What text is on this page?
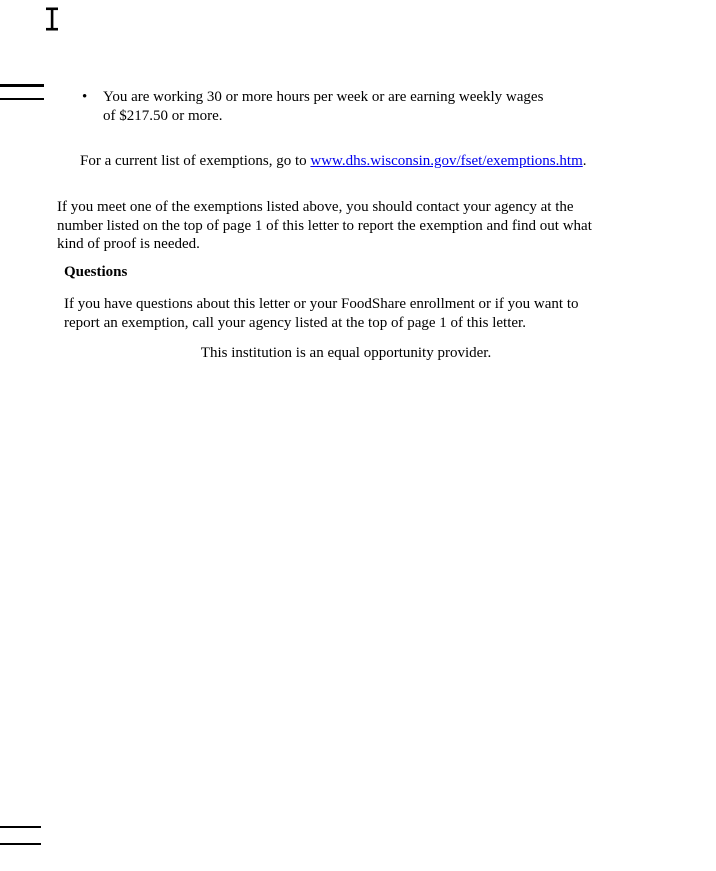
•	You are working 30 or more hours per week or are earning weekly wages
of $217.50 or more.
For a current list of exemptions, go to www.dhs.wisconsin.gov/fset/exemptions.htm.
If you meet one of the exemptions listed above, you should contact your agency at the
number listed on the top of page 1 of this letter to report the exemption and find out what
kind of proof is needed.
Questions
If you have questions about this letter or your FoodShare enrollment or if you want to
report an exemption, call your agency listed at the top of page 1 of this letter.
This institution is an equal opportunity provider.
